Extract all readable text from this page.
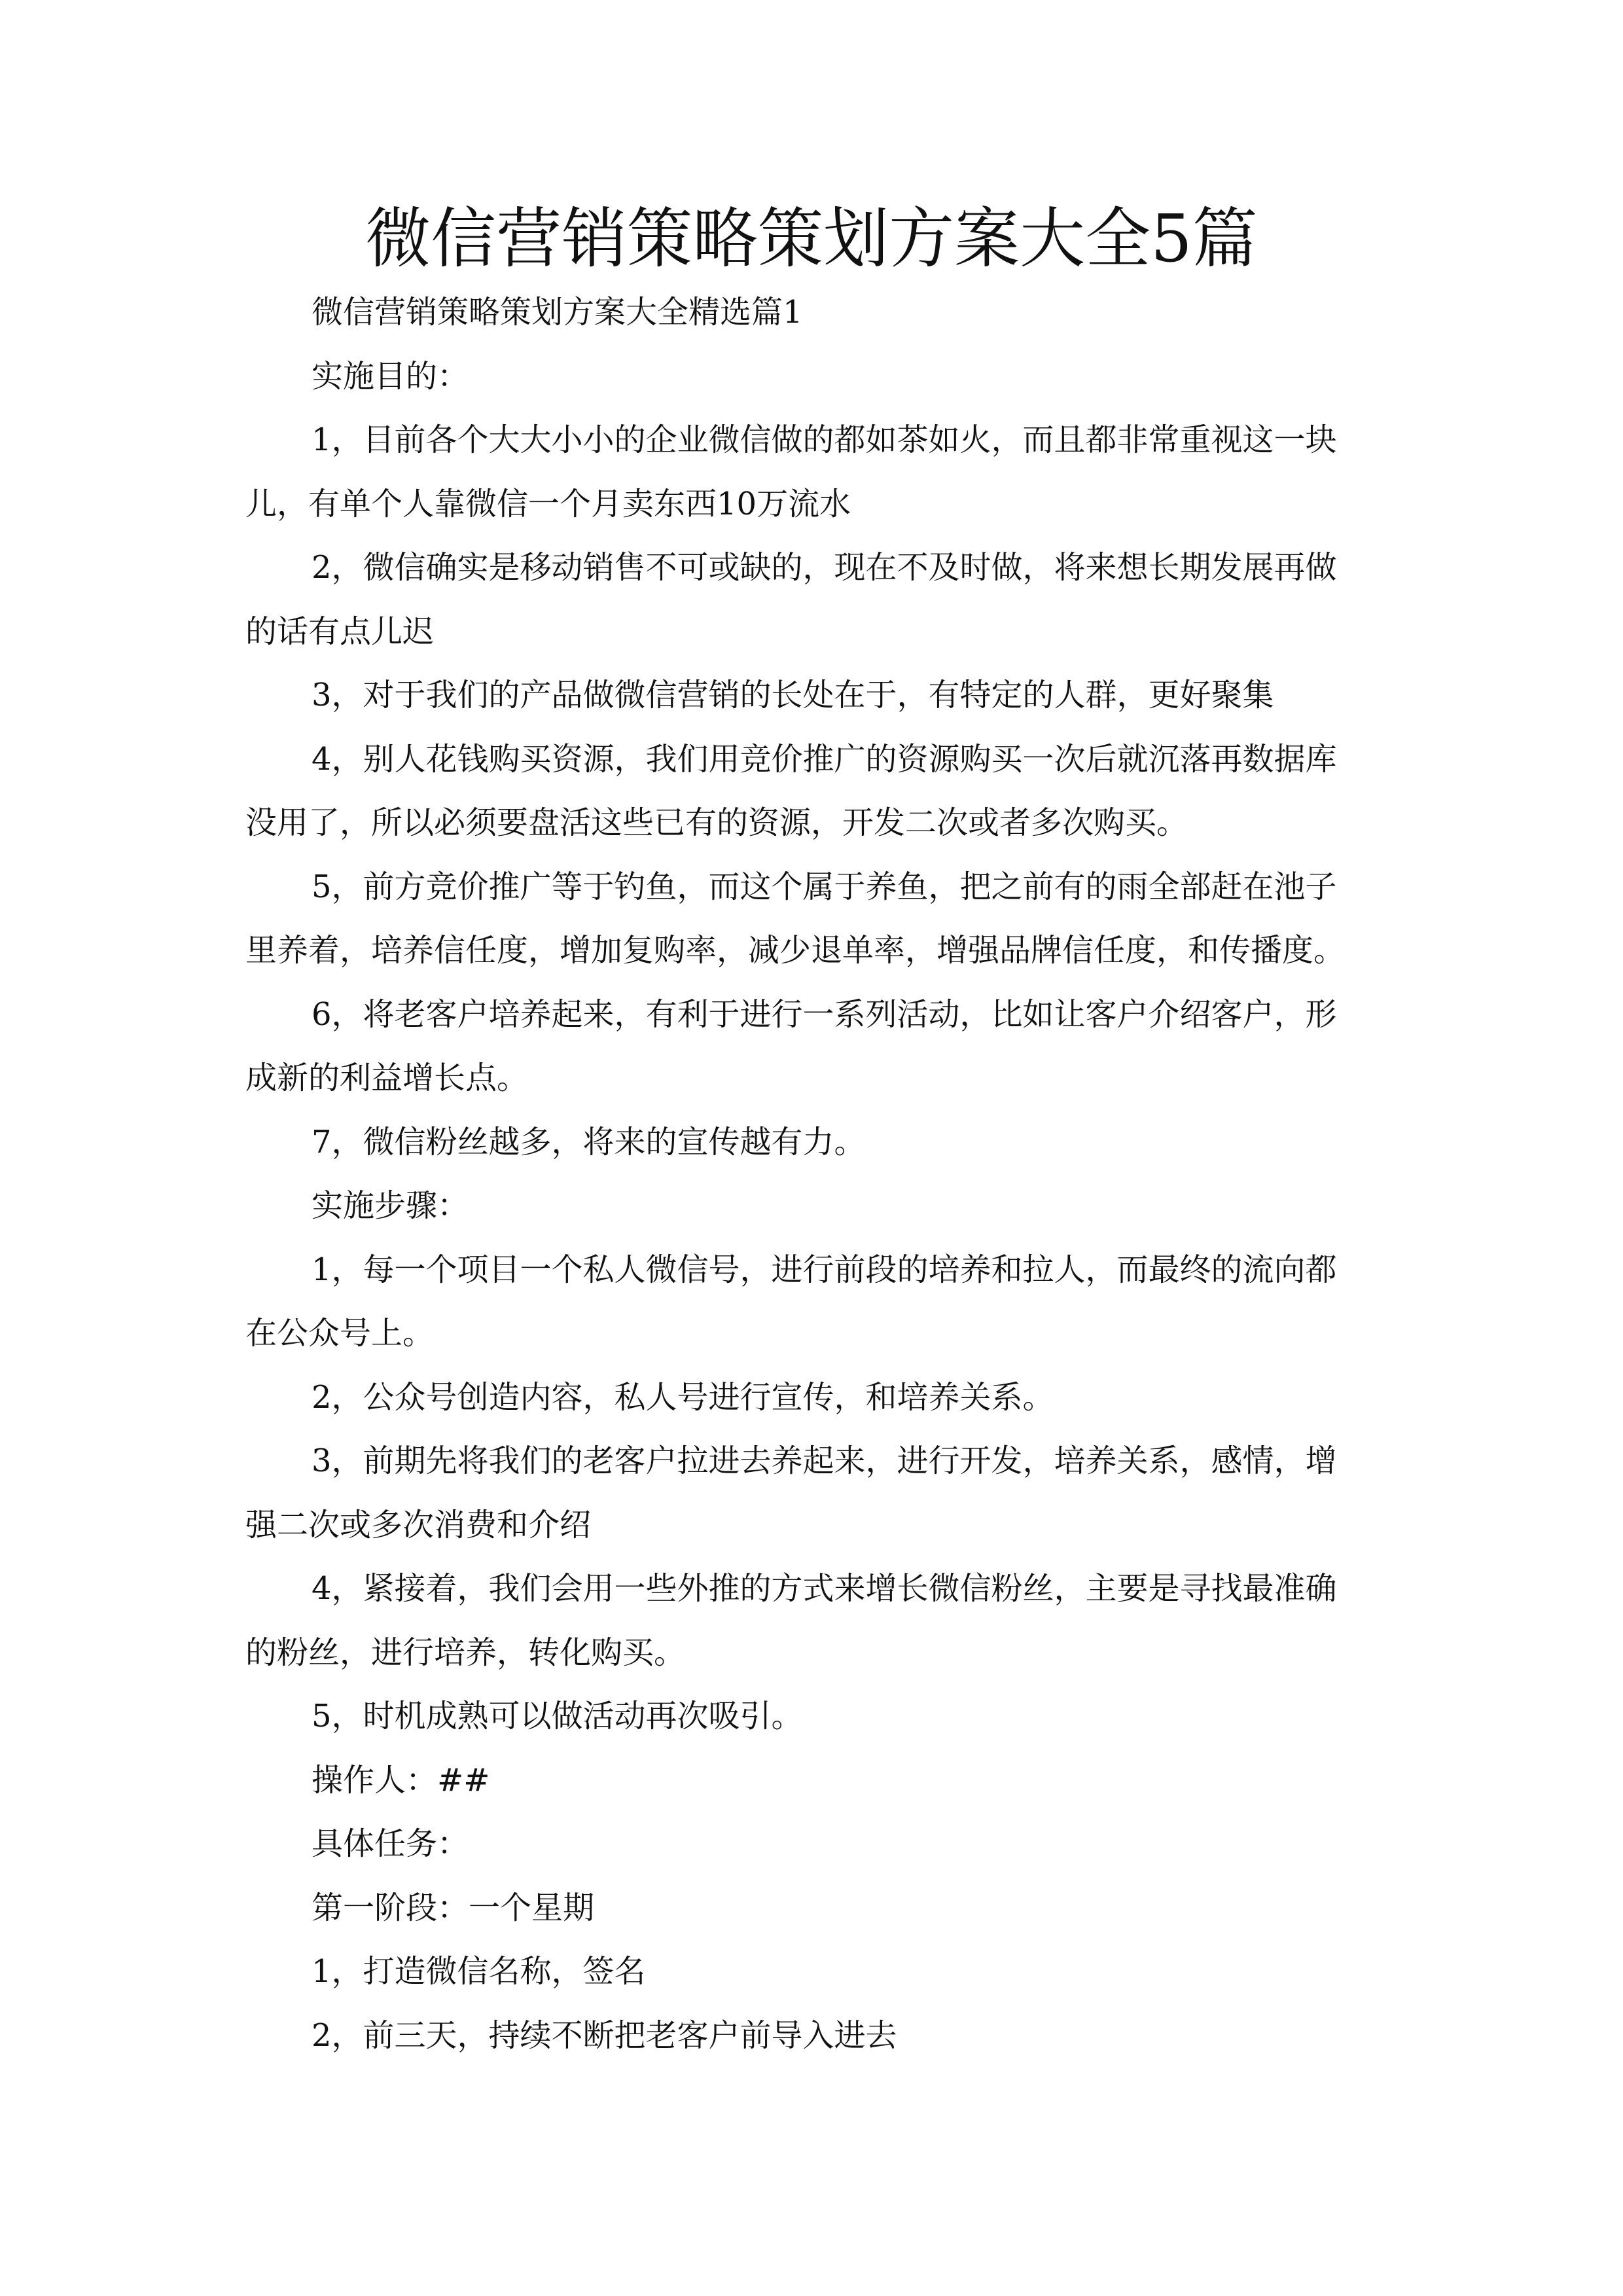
微信营销策略策划方案大全5篇
微信营销策略策划方案大全精选篇1
实施目的：
1，目前各个大大小小的企业微信做的都如茶如火，而且都非常重视这一块
儿，有单个人靠微信一个月卖东西10万流水
2，微信确实是移动销售不可或缺的，现在不及时做，将来想长期发展再做
的话有点儿迟
3，对于我们的产品做微信营销的长处在于，有特定的人群，更好聚集
4，别人花钱购买资源，我们用竞价推广的资源购买一次后就沉落再数据库
没用了，所以必须要盘活这些已有的资源，开发二次或者多次购买。
5，前方竞价推广等于钓鱼，而这个属于养鱼，把之前有的雨全部赶在池子
里养着，培养信任度，增加复购率，减少退单率，增强品牌信任度，和传播度。
6，将老客户培养起来，有利于进行一系列活动，比如让客户介绍客户，形
成新的利益增长点。
7，微信粉丝越多，将来的宣传越有力。
实施步骤：
1，每一个项目一个私人微信号，进行前段的培养和拉人，而最终的流向都
在公众号上。
2，公众号创造内容，私人号进行宣传，和培养关系。
3，前期先将我们的老客户拉进去养起来，进行开发，培养关系，感情，增
强二次或多次消费和介绍
4，紧接着，我们会用一些外推的方式来增长微信粉丝，主要是寻找最准确
的粉丝，进行培养，转化购买。
5，时机成熟可以做活动再次吸引。
操作人：##
具体任务：
第一阶段：一个星期
1，打造微信名称，签名
2，前三天，持续不断把老客户前导入进去
